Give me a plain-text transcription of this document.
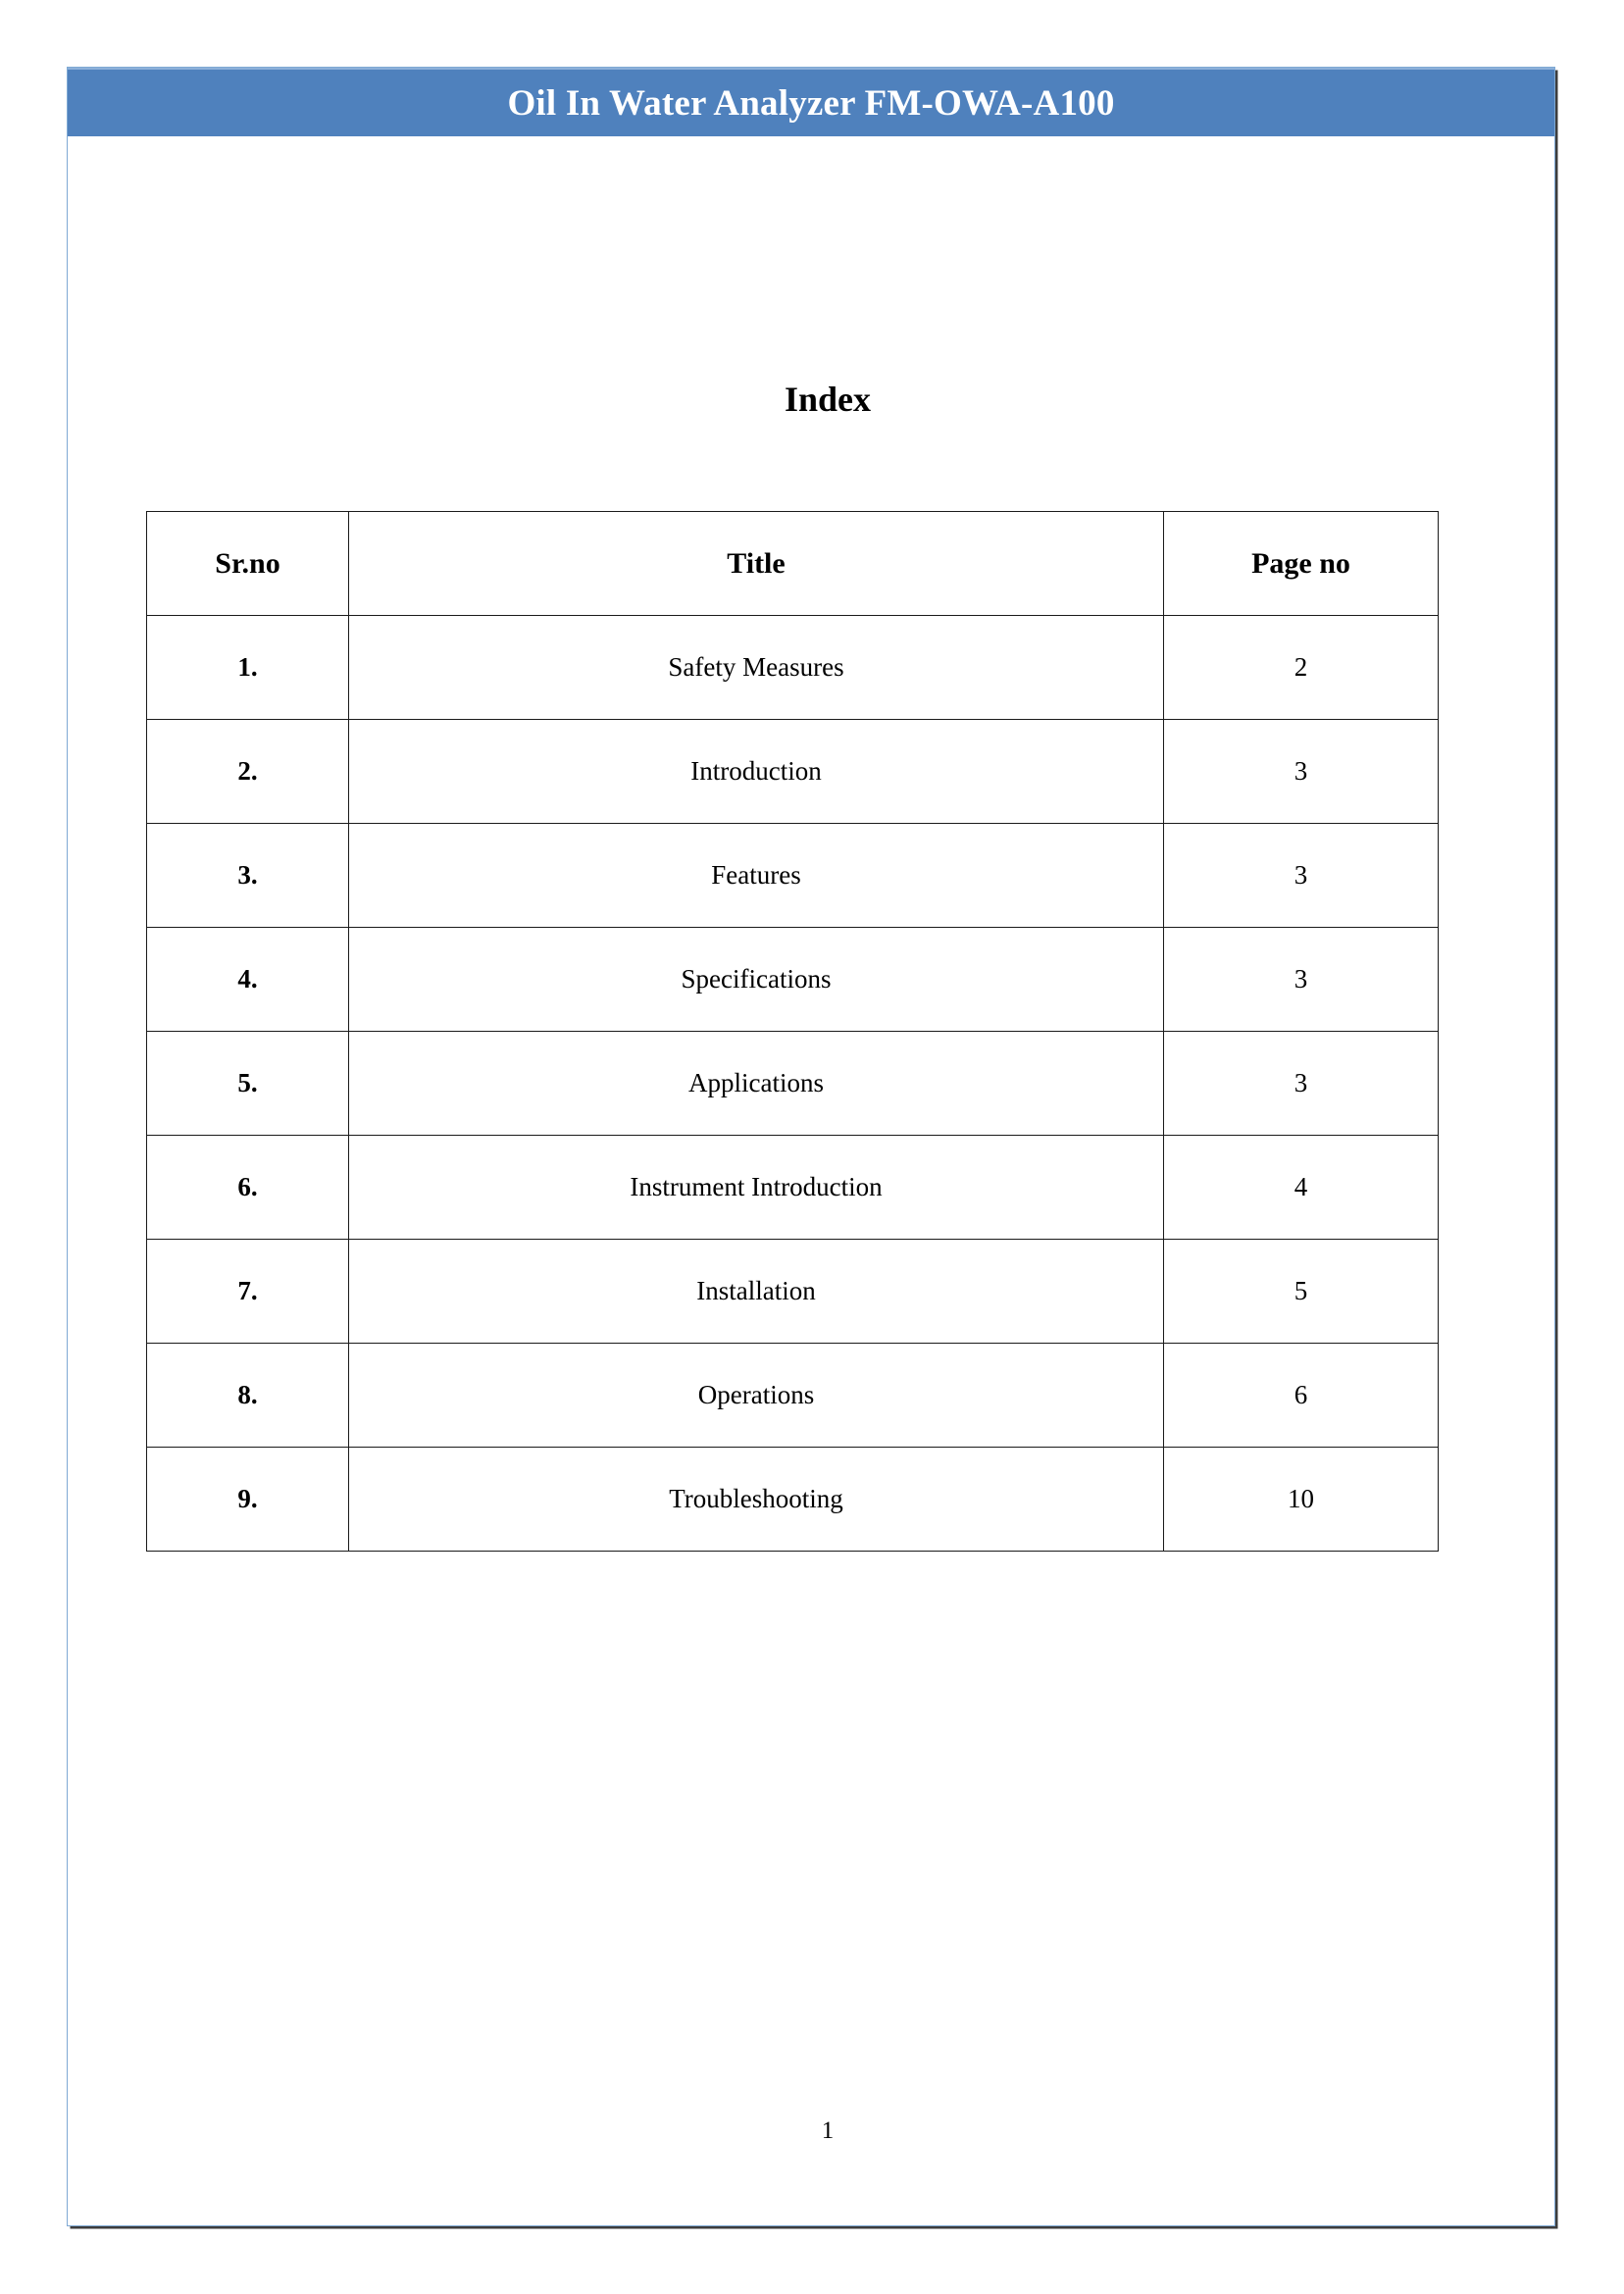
Oil In Water Analyzer FM-OWA-A100
Index
Sr.no	Title	Page no
1.	Safety Measures	2
2.	Introduction	3
3.	Features	3
4.	Specifications	3
5.	Applications	3
6.	Instrument Introduction	4
7.	Installation	5
8.	Operations	6
9.	Troubleshooting	10
1
